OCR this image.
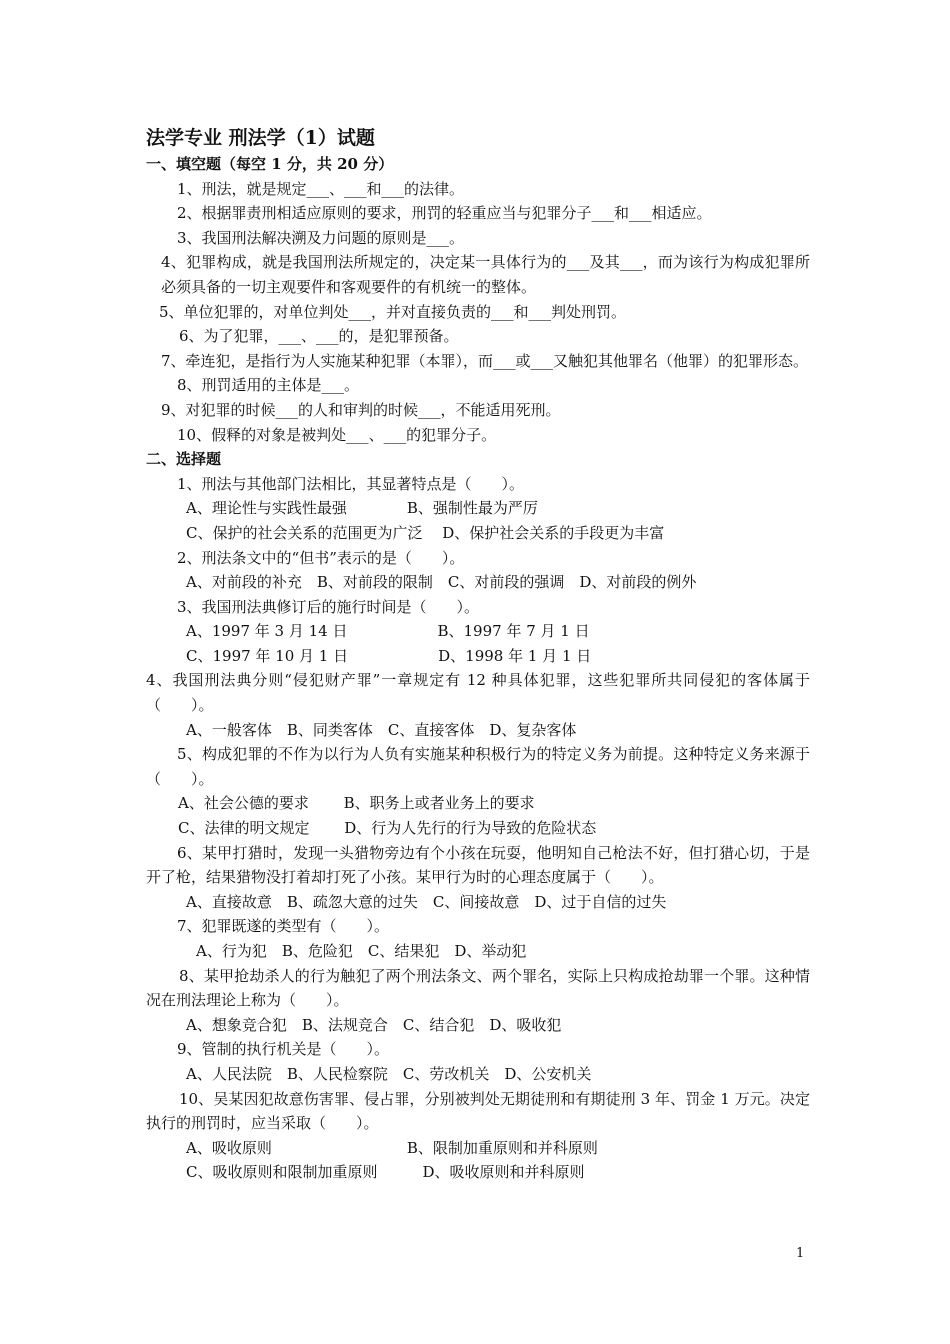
法学专业 刑法学（1）试题
一、填空题（每空 1 分，共 20 分）
1、刑法，就是规定___、___和___的法律。
2、根据罪责刑相适应原则的要求，刑罚的轻重应当与犯罪分子___和___相适应。
3、我国刑法解决溯及力问题的原则是___。
4、犯罪构成，就是我国刑法所规定的，决定某一具体行为的___及其___，而为该行为构成犯罪所必须具备的一切主观要件和客观要件的有机统一的整体。
5、单位犯罪的，对单位判处___，并对直接负责的___和___判处刑罚。
6、为了犯罪，___、___的，是犯罪预备。
7、牵连犯，是指行为人实施某种犯罪（本罪），而___或___又触犯其他罪名（他罪）的犯罪形态。
8、刑罚适用的主体是___。
9、对犯罪的时候___的人和审判的时候___，不能适用死刑。
10、假释的对象是被判处___、___的犯罪分子。
二、选择题
1、刑法与其他部门法相比，其显著特点是（　　）。
A、理论性与实践性最强　　　　B、强制性最为严厉
C、保护的社会关系的范围更为广泛　 D、保护社会关系的手段更为丰富
2、刑法条文中的“但书”表示的是（　　）。
A、对前段的补充　B、对前段的限制　C、对前段的强调　D、对前段的例外
3、我国刑法典修订后的施行时间是（　　）。
A、1997 年 3 月 14 日　　　　　　B、1997 年 7 月 1 日
C、1997 年 10 月 1 日　　　　　　D、1998 年 1 月 1 日
4、我国刑法典分则“侵犯财产罪”一章规定有 12 种具体犯罪，这些犯罪所共同侵犯的客体属于（　　）。
A、一般客体　B、同类客体　C、直接客体　D、复杂客体
5、构成犯罪的不作为以行为人负有实施某种积极行为的特定义务为前提。这种特定义务来源于（　　）。
A、社会公德的要求　　 B、职务上或者业务上的要求
C、法律的明文规定　　 D、行为人先行的行为导致的危险状态
6、某甲打猎时，发现一头猎物旁边有个小孩在玩耍，他明知自己枪法不好，但打猎心切，于是开了枪，结果猎物没打着却打死了小孩。某甲行为时的心理态度属于（　　）。
A、直接故意　B、疏忽大意的过失　C、间接故意　D、过于自信的过失
7、犯罪既遂的类型有（　　）。
A、行为犯　B、危险犯　C、结果犯　D、举动犯
8、某甲抢劫杀人的行为触犯了两个刑法条文、两个罪名，实际上只构成抢劫罪一个罪。这种情况在刑法理论上称为（　　）。
A、想象竞合犯　B、法规竞合　C、结合犯　D、吸收犯
9、管制的执行机关是（　　）。
A、人民法院　B、人民检察院　C、劳改机关　D、公安机关
10、吴某因犯故意伤害罪、侵占罪，分别被判处无期徒刑和有期徒刑 3 年、罚金 1 万元。决定执行的刑罚时，应当采取（　　）。
A、吸收原则　　　　　　　　　B、限制加重原则和并科原则
C、吸收原则和限制加重原则　　　D、吸收原则和并科原则
1
